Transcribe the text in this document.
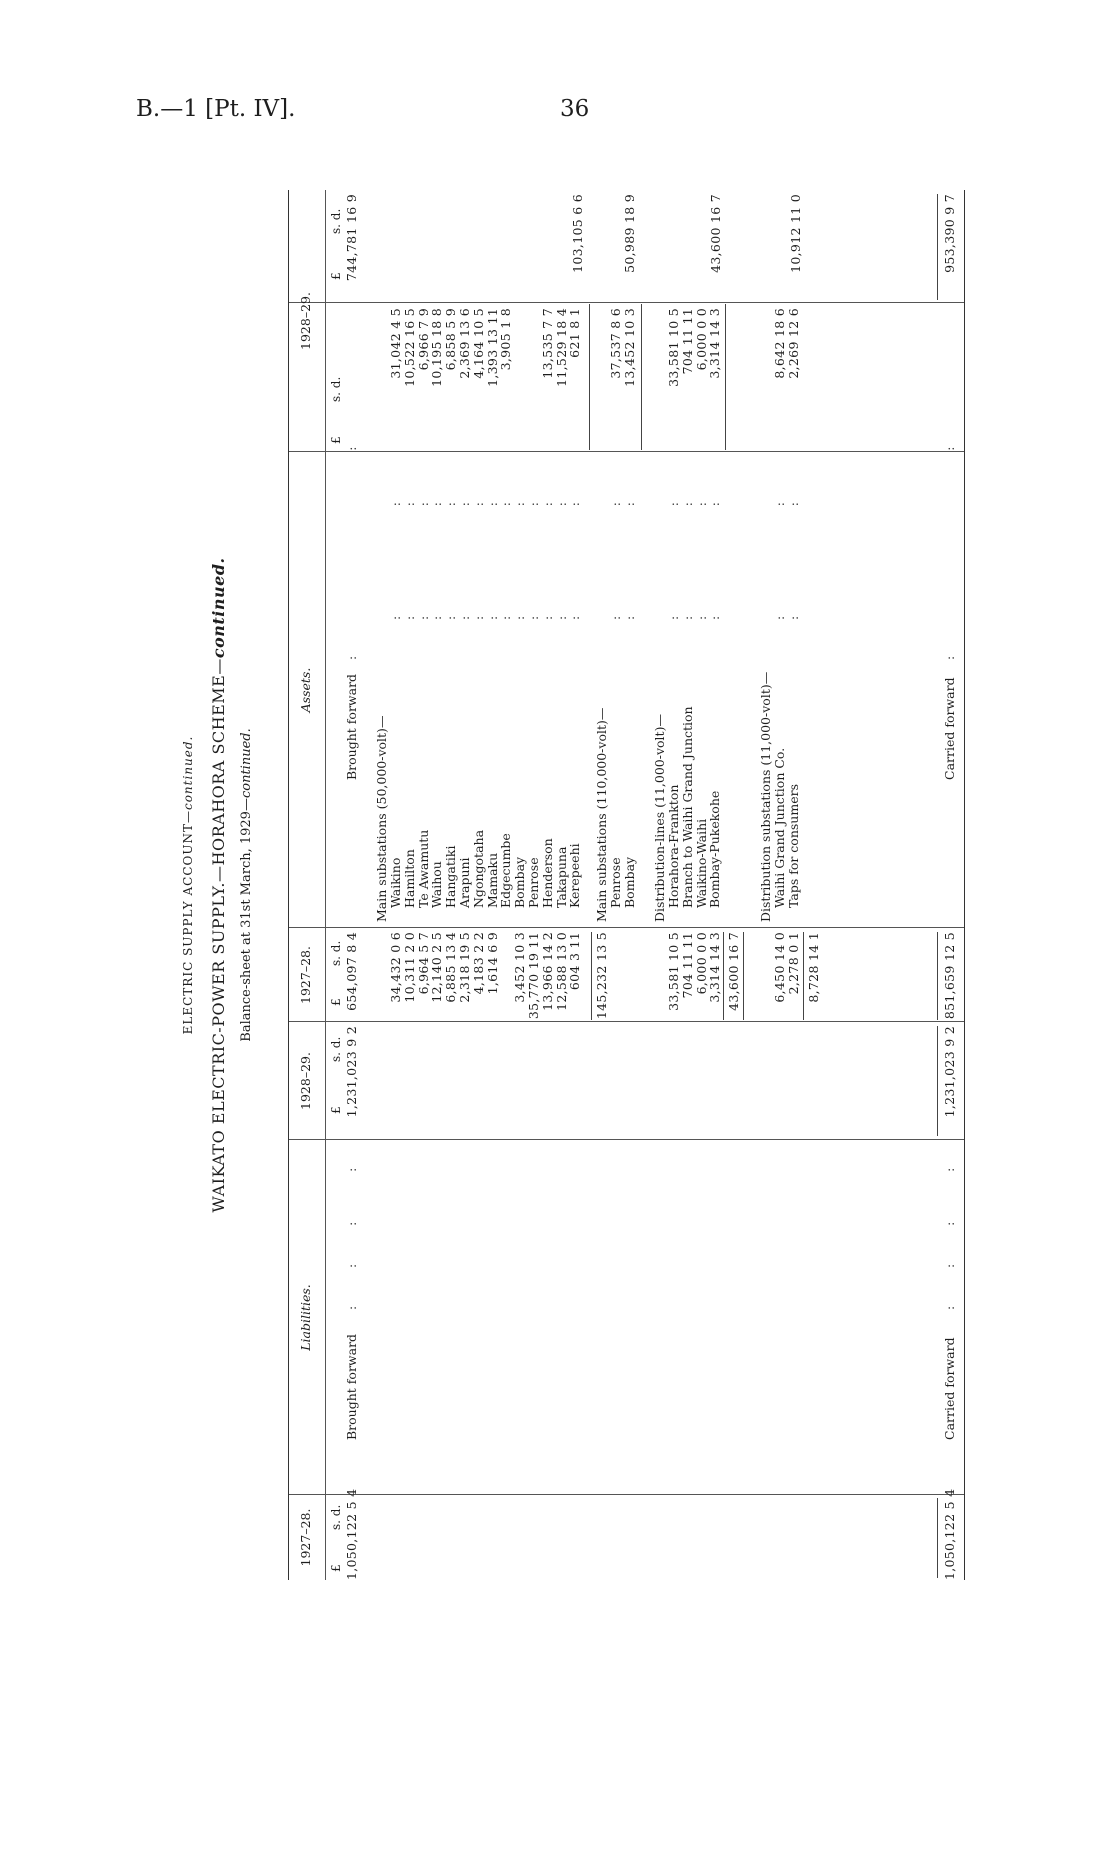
B.—1 [Pt. IV].	36
ELECTRIC SUPPLY ACCOUNT—continued. WAIKATO ELECTRIC-POWER SUPPLY.—HORAHORA SCHEME—continued.
Balance-sheet at 31st March, 1929—continued.
1927–28.
Liabilities.
1928–29.
1927–28.
Assets.
1928–29.
£
s. d.
£
s. d.
£
s. d.
£
s. d.
£
s. d.
1,050,122 5 4
Brought forward
:      :      :        :
1,231,023 9 2
1,050,122 5 4
Carried forward
:      :      :        :
1,231,023 9 2
654,097 8 4
Brought forward
:                                  :
744,781 16 9
Main substations (50,000-volt)— Waikino
:                  :
34,432 0 6
31,042 4 5
Hamilton
:                  :
10,311 2 0
10,522 16 5
Te Awamutu
:                  :
6,964 5 7
6,966 7 9
Waihou
:                  :
12,140 2 5
10,195 18 8
Hangatiki
:                  :
6,885 13 4
6,858 5 9
Arapuni
:                  :
2,318 19 5
2,369 13 6
Ngongotaha
:                  :
4,183 2 2
4,164 10 5
Mamaku
:                  :
1,614 6 9
1,393 13 11
Edgecumbe
:                  :
3,905 1 8
Bombay
:                  :
3,452 10 3
Penrose
:                  :
35,770 19 11
Henderson
:                  :
13,966 14 2
13,535 7 7
Takapuna
:                  :
12,588 13 0
11,529 18 4
Kerepeehi
:                  :
604 3 11
621 8 1
145,232 13 5
103,105 6 6
Main substations (110,000-volt)— Penrose
:                  :
37,537 8 6
Bombay
:                  :
13,452 10 3
50,989 18 9
Distribution-lines (11,000-volt)— Horahora-Frankton
:                  :
33,581 10 5
33,581 10 5
Branch to Waihi Grand Junction
:                  :
704 11 11
704 11 11
Waikino-Waihi
:                  :
6,000 0 0
6,000 0 0
Bombay-Pukekohe
:                  :
3,314 14 3
3,314 14 3
43,600 16 7
43,600 16 7
Distribution substations (11,000-volt)— Waihi Grand Junction Co.
:                  :
6,450 14 0
8,642 18 6
Taps for consumers
:                  :
2,278 0 1
2,269 12 6
8,728 14 1
10,912 11 0
851,659 12 5
Carried forward
:                                  :
953,390 9 7
